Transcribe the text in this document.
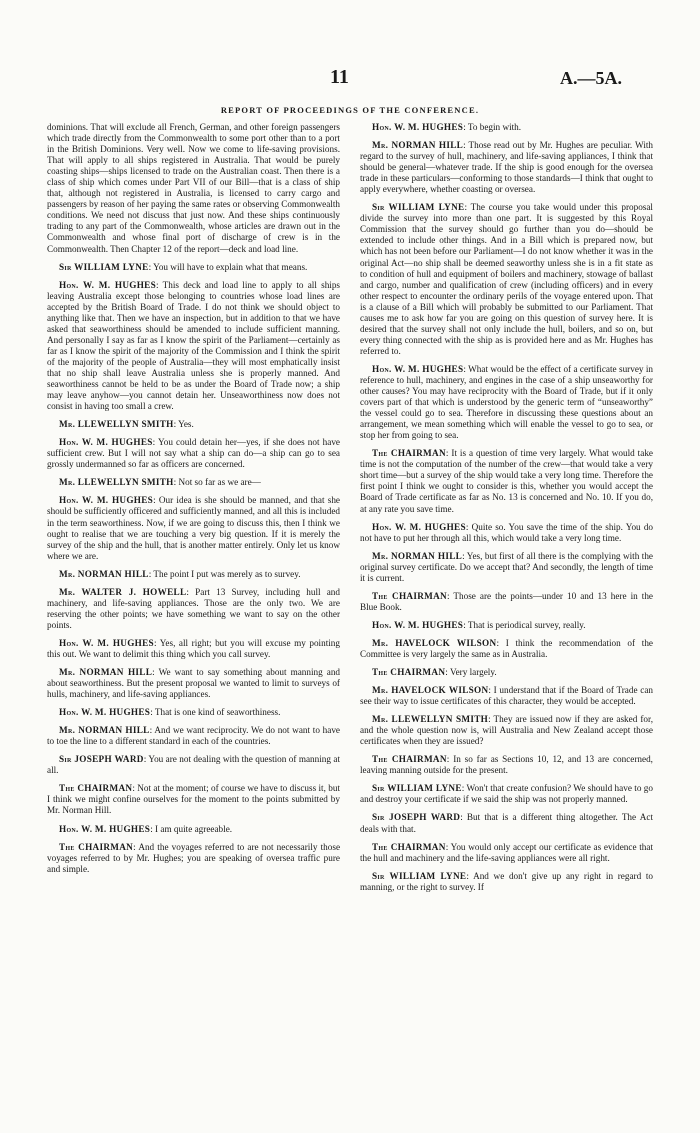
11	A.—5A.
REPORT OF PROCEEDINGS OF THE CONFERENCE.

dominions. That will exclude all French, German, and other foreign passengers which trade directly from the Commonwealth to some port other than to a port in the British Dominions. Very well. Now we come to life-saving provisions. That will apply to all ships registered in Australia. That would be purely coasting ships—ships licensed to trade on the Australian coast. Then there is a class of ship which comes under Part VII of our Bill—that is a class of ship that, although not registered in Australia, is licensed to carry cargo and passengers by reason of her paying the same rates or observing Commonwealth conditions. We need not discuss that just now. And these ships continuously trading to any part of the Commonwealth, whose articles are drawn out in the Commonwealth and whose final port of discharge of crew is in the Commonwealth. Then Chapter 12 of the report—deck and load line.

Sir WILLIAM LYNE: You will have to explain what that means.

Hon. W. M. HUGHES: This deck and load line to apply to all ships leaving Australia except those belonging to countries whose load lines are accepted by the British Board of Trade. I do not think we should object to anything like that. Then we have an inspection, but in addition to that we have asked that seaworthiness should be amended to include sufficient manning. And personally I say as far as I know the spirit of the Parliament—certainly as far as I know the spirit of the majority of the Commission and I think the spirit of the majority of the people of Australia—they will most emphatically insist that no ship shall leave Australia unless she is properly manned. And seaworthiness cannot be held to be as under the Board of Trade now; a ship may leave anyhow—you cannot detain her. Unseaworthiness now does not consist in having too small a crew.

Mr. LLEWELLYN SMITH: Yes.

Hon. W. M. HUGHES: You could detain her—yes, if she does not have sufficient crew. But I will not say what a ship can do—a ship can go to sea grossly undermanned so far as officers are concerned.

Mr. LLEWELLYN SMITH: Not so far as we are—

Hon. W. M. HUGHES: Our idea is she should be manned, and that she should be sufficiently officered and sufficiently manned, and all this is included in the term seaworthiness. Now, if we are going to discuss this, then I think we ought to realise that we are touching a very big question. If it is merely the survey of the ship and the hull, that is another matter entirely. Only let us know where we are.

Mr. NORMAN HILL: The point I put was merely as to survey.

Mr. WALTER J. HOWELL: Part 13 Survey, including hull and machinery, and life-saving appliances. Those are the only two. We are reserving the other points; we have something we want to say on the other points.

Hon. W. M. HUGHES: Yes, all right; but you will excuse my pointing this out. We want to delimit this thing which you call survey.

Mr. NORMAN HILL: We want to say something about manning and about seaworthiness. But the present proposal we wanted to limit to surveys of hulls, machinery, and life-saving appliances.

Hon. W. M. HUGHES: That is one kind of seaworthiness.

Mr. NORMAN HILL: And we want reciprocity. We do not want to have to toe the line to a different standard in each of the countries.

Sir JOSEPH WARD: You are not dealing with the question of manning at all.

The CHAIRMAN: Not at the moment; of course we have to discuss it, but I think we might confine ourselves for the moment to the points submitted by Mr. Norman Hill.

Hon. W. M. HUGHES: I am quite agreeable.

The CHAIRMAN: And the voyages referred to are not necessarily those voyages referred to by Mr. Hughes; you are speaking of oversea traffic pure and simple.

Hon. W. M. HUGHES: To begin with.

Mr. NORMAN HILL: Those read out by Mr. Hughes are peculiar. With regard to the survey of hull, machinery, and life-saving appliances, I think that should be general—whatever trade. If the ship is good enough for the oversea trade in these particulars—conforming to those standards—I think that ought to apply everywhere, whether coasting or oversea.

Sir WILLIAM LYNE: The course you take would under this proposal divide the survey into more than one part. It is suggested by this Royal Commission that the survey should go further than you do—should be extended to include other things. And in a Bill which is prepared now, but which has not been before our Parliament—I do not know whether it was in the original Act—no ship shall be deemed seaworthy unless she is in a fit state as to condition of hull and equipment of boilers and machinery, stowage of ballast and cargo, number and qualification of crew (including officers) and in every other respect to encounter the ordinary perils of the voyage entered upon. That is a clause of a Bill which will probably be submitted to our Parliament. That causes me to ask how far you are going on this question of survey here. It is desired that the survey shall not only include the hull, boilers, and so on, but every thing connected with the ship as is provided here and as Mr. Hughes has referred to.

Hon. W. M. HUGHES: What would be the effect of a certificate survey in reference to hull, machinery, and engines in the case of a ship unseaworthy for other causes? You may have reciprocity with the Board of Trade, but if it only covers part of that which is understood by the generic term of “unseaworthy” the vessel could go to sea. Therefore in discussing these questions about an arrangement, we mean something which will enable the vessel to go to sea, or stop her from going to sea.

The CHAIRMAN: It is a question of time very largely. What would take time is not the computation of the number of the crew—that would take a very short time—but a survey of the ship would take a very long time. Therefore the first point I think we ought to consider is this, whether you would accept the Board of Trade certificate as far as No. 13 is concerned and No. 10. If you do, at any rate you save time.

Hon. W. M. HUGHES: Quite so. You save the time of the ship. You do not have to put her through all this, which would take a very long time.

Mr. NORMAN HILL: Yes, but first of all there is the complying with the original survey certificate. Do we accept that? And secondly, the length of time it is current.

The CHAIRMAN: Those are the points—under 10 and 13 here in the Blue Book.

Hon. W. M. HUGHES: That is periodical survey, really.

Mr. HAVELOCK WILSON: I think the recommendation of the Committee is very largely the same as in Australia.

The CHAIRMAN: Very largely.

Mr. HAVELOCK WILSON: I understand that if the Board of Trade can see their way to issue certificates of this character, they would be accepted.

Mr. LLEWELLYN SMITH: They are issued now if they are asked for, and the whole question now is, will Australia and New Zealand accept those certificates when they are issued?

The CHAIRMAN: In so far as Sections 10, 12, and 13 are concerned, leaving manning outside for the present.

Sir WILLIAM LYNE: Won't that create confusion? We should have to go and destroy your certificate if we said the ship was not properly manned.

Sir JOSEPH WARD: But that is a different thing altogether. The Act deals with that.

The CHAIRMAN: You would only accept our certificate as evidence that the hull and machinery and the life-saving appliances were all right.

Sir WILLIAM LYNE: And we don't give up any right in regard to manning, or the right to survey. If
